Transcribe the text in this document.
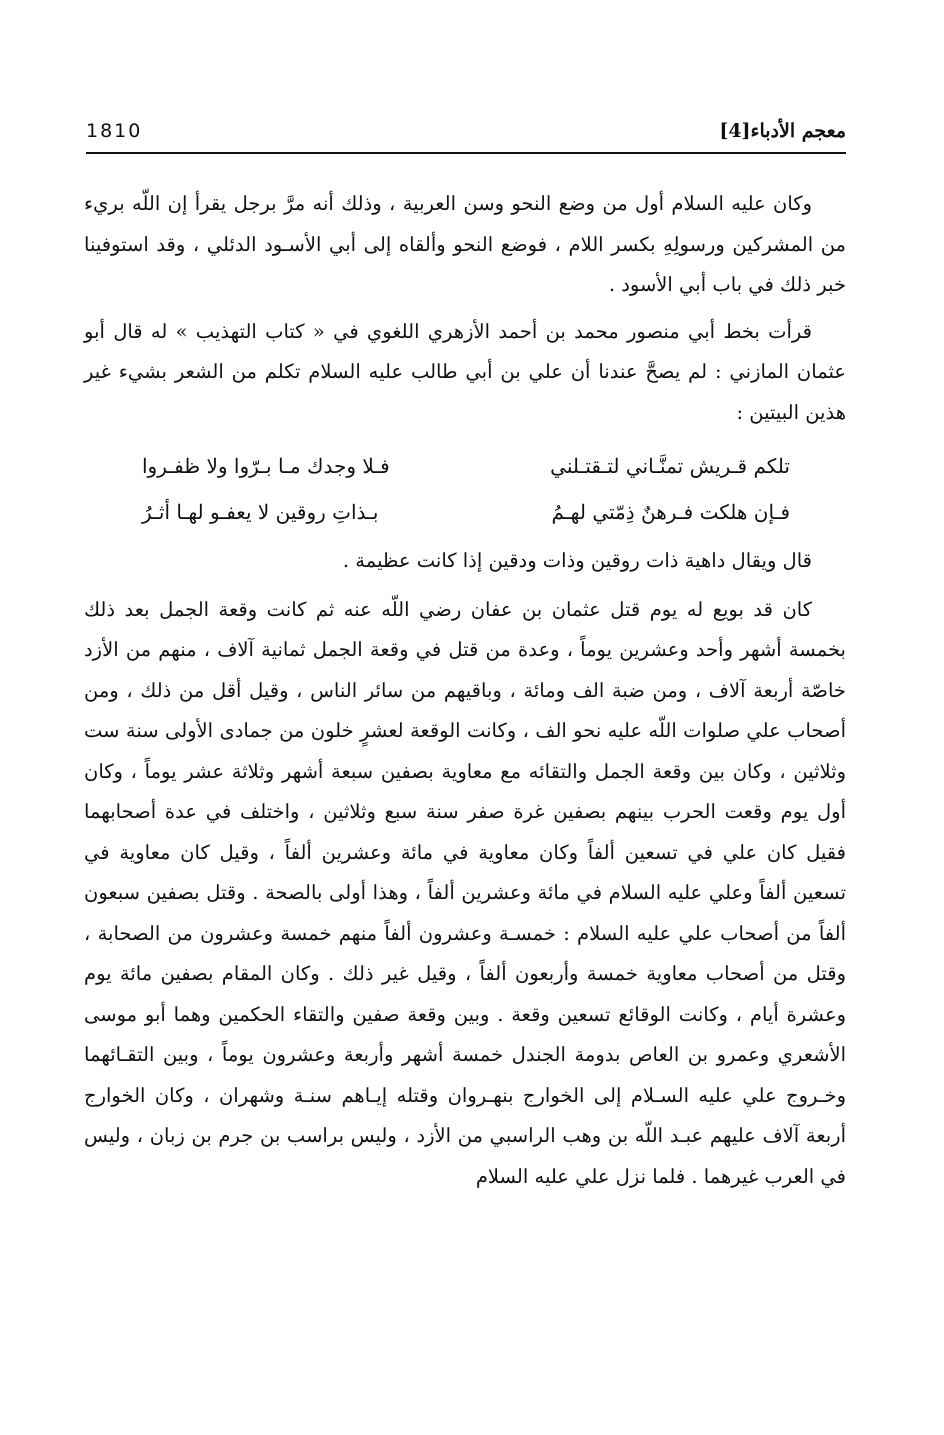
1810	معجم الأدباء[4]

وكان عليه السلام أول من وضع النحو وسن العربية ، وذلك أنه مرَّ برجل يقرأ إن اللّه بريء من المشركين ورسولِهِ بكسر اللام ، فوضع النحو وألقاه إلى أبي الأسـود الدئلي ، وقد استوفينا خبر ذلك في باب أبي الأسود .

قرأت بخط أبي منصور محمد بن أحمد الأزهري اللغوي في « كتاب التهذيب » له قال أبو عثمان المازني : لم يصحَّ عندنا أن علي بن أبي طالب عليه السلام تكلم من الشعر بشيء غير هذين البيتين :

تلكم قـريش تمنَّـاني لتـقتـلني
فـلا وجدك مـا بـرّوا ولا ظفـروا
فـإن هلكت فـرهنٌ ذِمّتي لهـمُ
بـذاتِ روقين لا يعفـو لهـا أثـرُ

قال ويقال داهية ذات روقين وذات ودقين إذا كانت عظيمة .

كان قد بويع له يوم قتل عثمان بن عفان رضي اللّه عنه ثم كانت وقعة الجمل بعد ذلك بخمسة أشهر وأحد وعشرين يوماً ، وعدة من قتل في وقعة الجمل ثمانية آلاف ، منهم من الأزد خاصّة أربعة آلاف ، ومن ضبة الف ومائة ، وباقيهم من سائر الناس ، وقيل أقل من ذلك ، ومن أصحاب علي صلوات اللّه عليه نحو الف ، وكانت الوقعة لعشرٍ خلون من جمادى الأولى سنة ست وثلاثين ، وكان بين وقعة الجمل والتقائه مع معاوية بصفين سبعة أشهر وثلاثة عشر يوماً ، وكان أول يوم وقعت الحرب بينهم بصفين غرة صفر سنة سبع وثلاثين ، واختلف في عدة أصحابهما فقيل كان علي في تسعين ألفاً وكان معاوية في مائة وعشرين ألفاً ، وقيل كان معاوية في تسعين ألفاً وعلي عليه السلام في مائة وعشرين ألفاً ، وهذا أولى بالصحة . وقتل بصفين سبعون ألفاً من أصحاب علي عليه السلام : خمسـة وعشرون ألفاً منهم خمسة وعشرون من الصحابة ، وقتل من أصحاب معاوية خمسة وأربعون ألفاً ، وقيل غير ذلك . وكان المقام بصفين مائة يوم وعشرة أيام ، وكانت الوقائع تسعين وقعة . وبين وقعة صفين والتقاء الحكمين وهما أبو موسى الأشعري وعمرو بن العاص بدومة الجندل خمسة أشهر وأربعة وعشرون يوماً ، وبين التقـائهما وخـروج علي عليه السـلام إلى الخوارج بنهـروان وقتله إيـاهم سنـة وشهران ، وكان الخوارج أربعة آلاف عليهم عبـد اللّه بن وهب الراسبي من الأزد ، وليس براسب بن جرم بن زبان ، وليس في العرب غيرهما . فلما نزل علي عليه السلام
